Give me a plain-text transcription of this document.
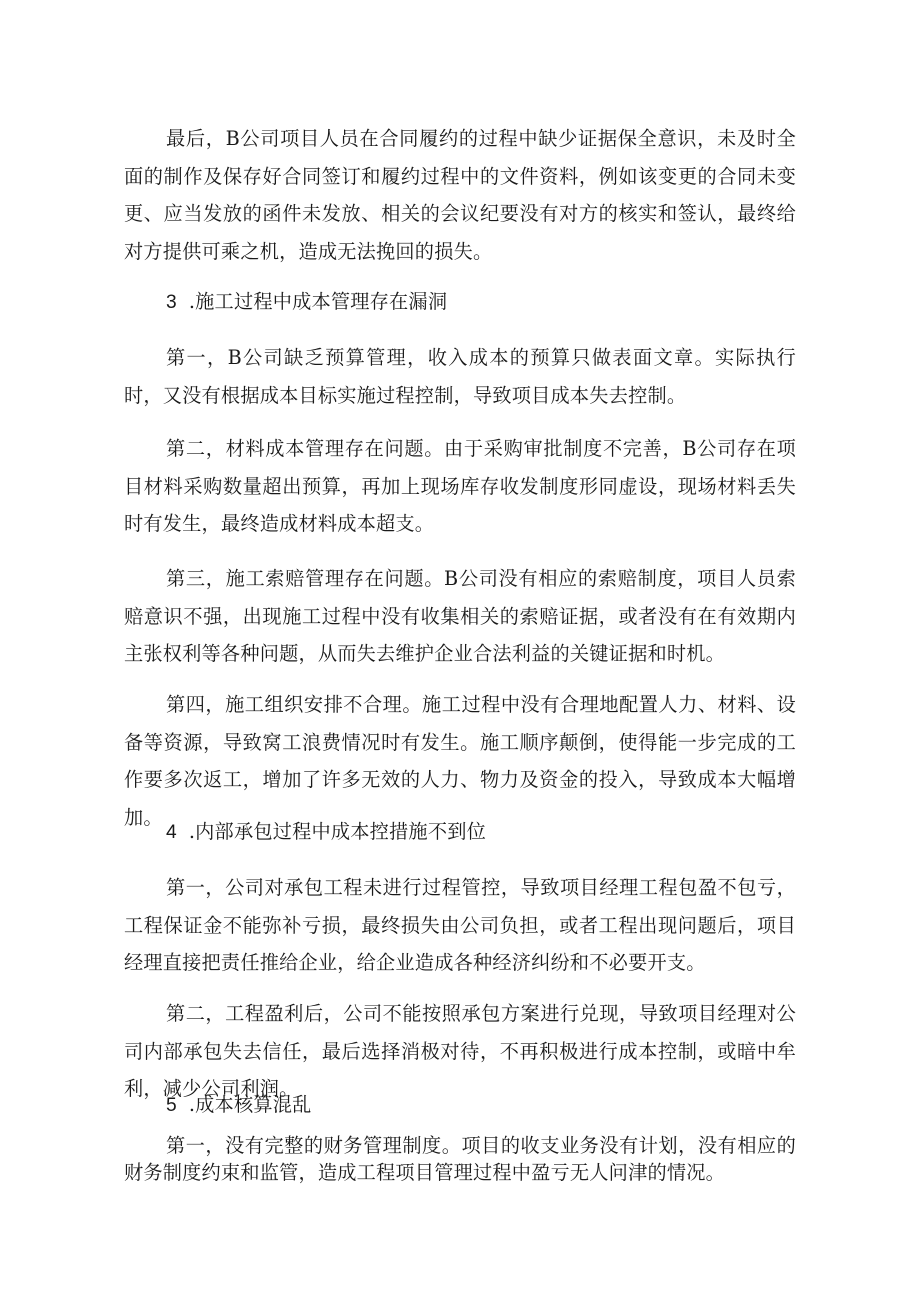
最后，B公司项目人员在合同履约的过程中缺少证据保全意识，未及时全面的制作及保存好合同签订和履约过程中的文件资料，例如该变更的合同未变更、应当发放的函件未发放、相关的会议纪要没有对方的核实和签认，最终给对方提供可乘之机，造成无法挽回的损失。

3 .施工过程中成本管理存在漏洞

第一，B公司缺乏预算管理，收入成本的预算只做表面文章。实际执行时，又没有根据成本目标实施过程控制，导致项目成本失去控制。

第二，材料成本管理存在问题。由于采购审批制度不完善，B公司存在项目材料采购数量超出预算，再加上现场库存收发制度形同虚设，现场材料丢失时有发生，最终造成材料成本超支。

第三，施工索赔管理存在问题。B公司没有相应的索赔制度，项目人员索赔意识不强，出现施工过程中没有收集相关的索赔证据，或者没有在有效期内主张权利等各种问题，从而失去维护企业合法利益的关键证据和时机。

第四，施工组织安排不合理。施工过程中没有合理地配置人力、材料、设备等资源，导致窝工浪费情况时有发生。施工顺序颠倒，使得能一步完成的工作要多次返工，增加了许多无效的人力、物力及资金的投入，导致成本大幅增加。

4 .内部承包过程中成本控措施不到位

第一，公司对承包工程未进行过程管控，导致项目经理工程包盈不包亏，工程保证金不能弥补亏损，最终损失由公司负担，或者工程出现问题后，项目经理直接把责任推给企业，给企业造成各种经济纠纷和不必要开支。

第二，工程盈利后，公司不能按照承包方案进行兑现，导致项目经理对公司内部承包失去信任，最后选择消极对待，不再积极进行成本控制，或暗中牟利，减少公司利润。

5 .成本核算混乱

第一，没有完整的财务管理制度。项目的收支业务没有计划，没有相应的财务制度约束和监管，造成工程项目管理过程中盈亏无人问津的情况。
